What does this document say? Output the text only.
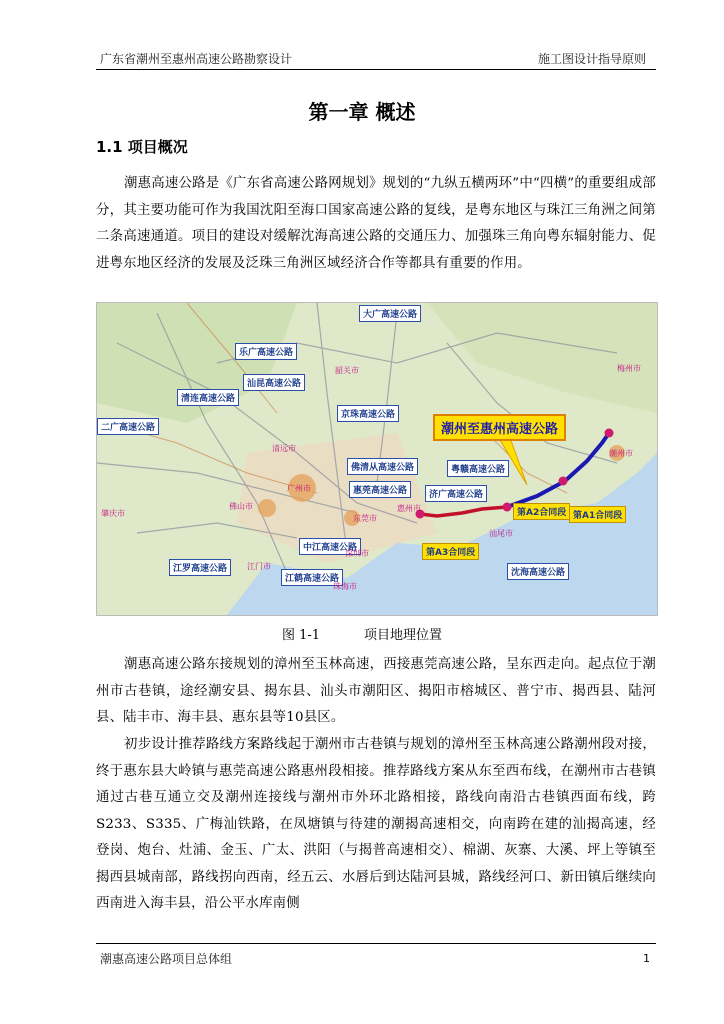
广东省潮州至惠州高速公路勘察设计	施工图设计指导原则
第一章 概述
1.1 项目概况
潮惠高速公路是《广东省高速公路网规划》规划的“九纵五横两环”中“四横”的重要组成部分，其主要功能可作为我国沈阳至海口国家高速公路的复线，是粤东地区与珠江三角洲之间第二条高速通道。项目的建设对缓解沈海高速公路的交通压力、加强珠三角向粤东辐射能力、促进粤东地区经济的发展及泛珠三角洲区域经济合作等都具有重要的作用。
潮州至惠州高速公路
大广高速公路
乐广高速公路
汕昆高速公路
清连高速公路
京珠高速公路
二广高速公路
佛清从高速公路	粤赣高速公路
惠莞高速公路	济广高速公路
中江高速公路
江罗高速公路
江鹤高速公路
沈海高速公路
第A3合同段
第A2合同段 第A1合同段
韶关市	梅州市
潮州市
清远市
广州市
东莞市
江门市
珠海市
肇庆市
佛山市
深圳市
惠州市
汕尾市
图 1-1	项目地理位置
潮惠高速公路东接规划的漳州至玉林高速，西接惠莞高速公路，呈东西走向。起点位于潮州市古巷镇，途经潮安县、揭东县、汕头市潮阳区、揭阳市榕城区、普宁市、揭西县、陆河县、陆丰市、海丰县、惠东县等10县区。
初步设计推荐路线方案路线起于潮州市古巷镇与规划的漳州至玉林高速公路潮州段对接，终于惠东县大岭镇与惠莞高速公路惠州段相接。推荐路线方案从东至西布线，在潮州市古巷镇通过古巷互通立交及潮州连接线与潮州市外环北路相接，路线向南沿古巷镇西面布线，跨 S233、S335、广梅汕铁路，在凤塘镇与待建的潮揭高速相交，向南跨在建的汕揭高速，经登岗、炮台、灶浦、金玉、广太、洪阳（与揭普高速相交）、棉湖、灰寨、大溪、坪上等镇至揭西县城南部，路线拐向西南，经五云、水唇后到达陆河县城，路线经河口、新田镇后继续向西南进入海丰县，沿公平水库南侧
潮惠高速公路项目总体组	1
